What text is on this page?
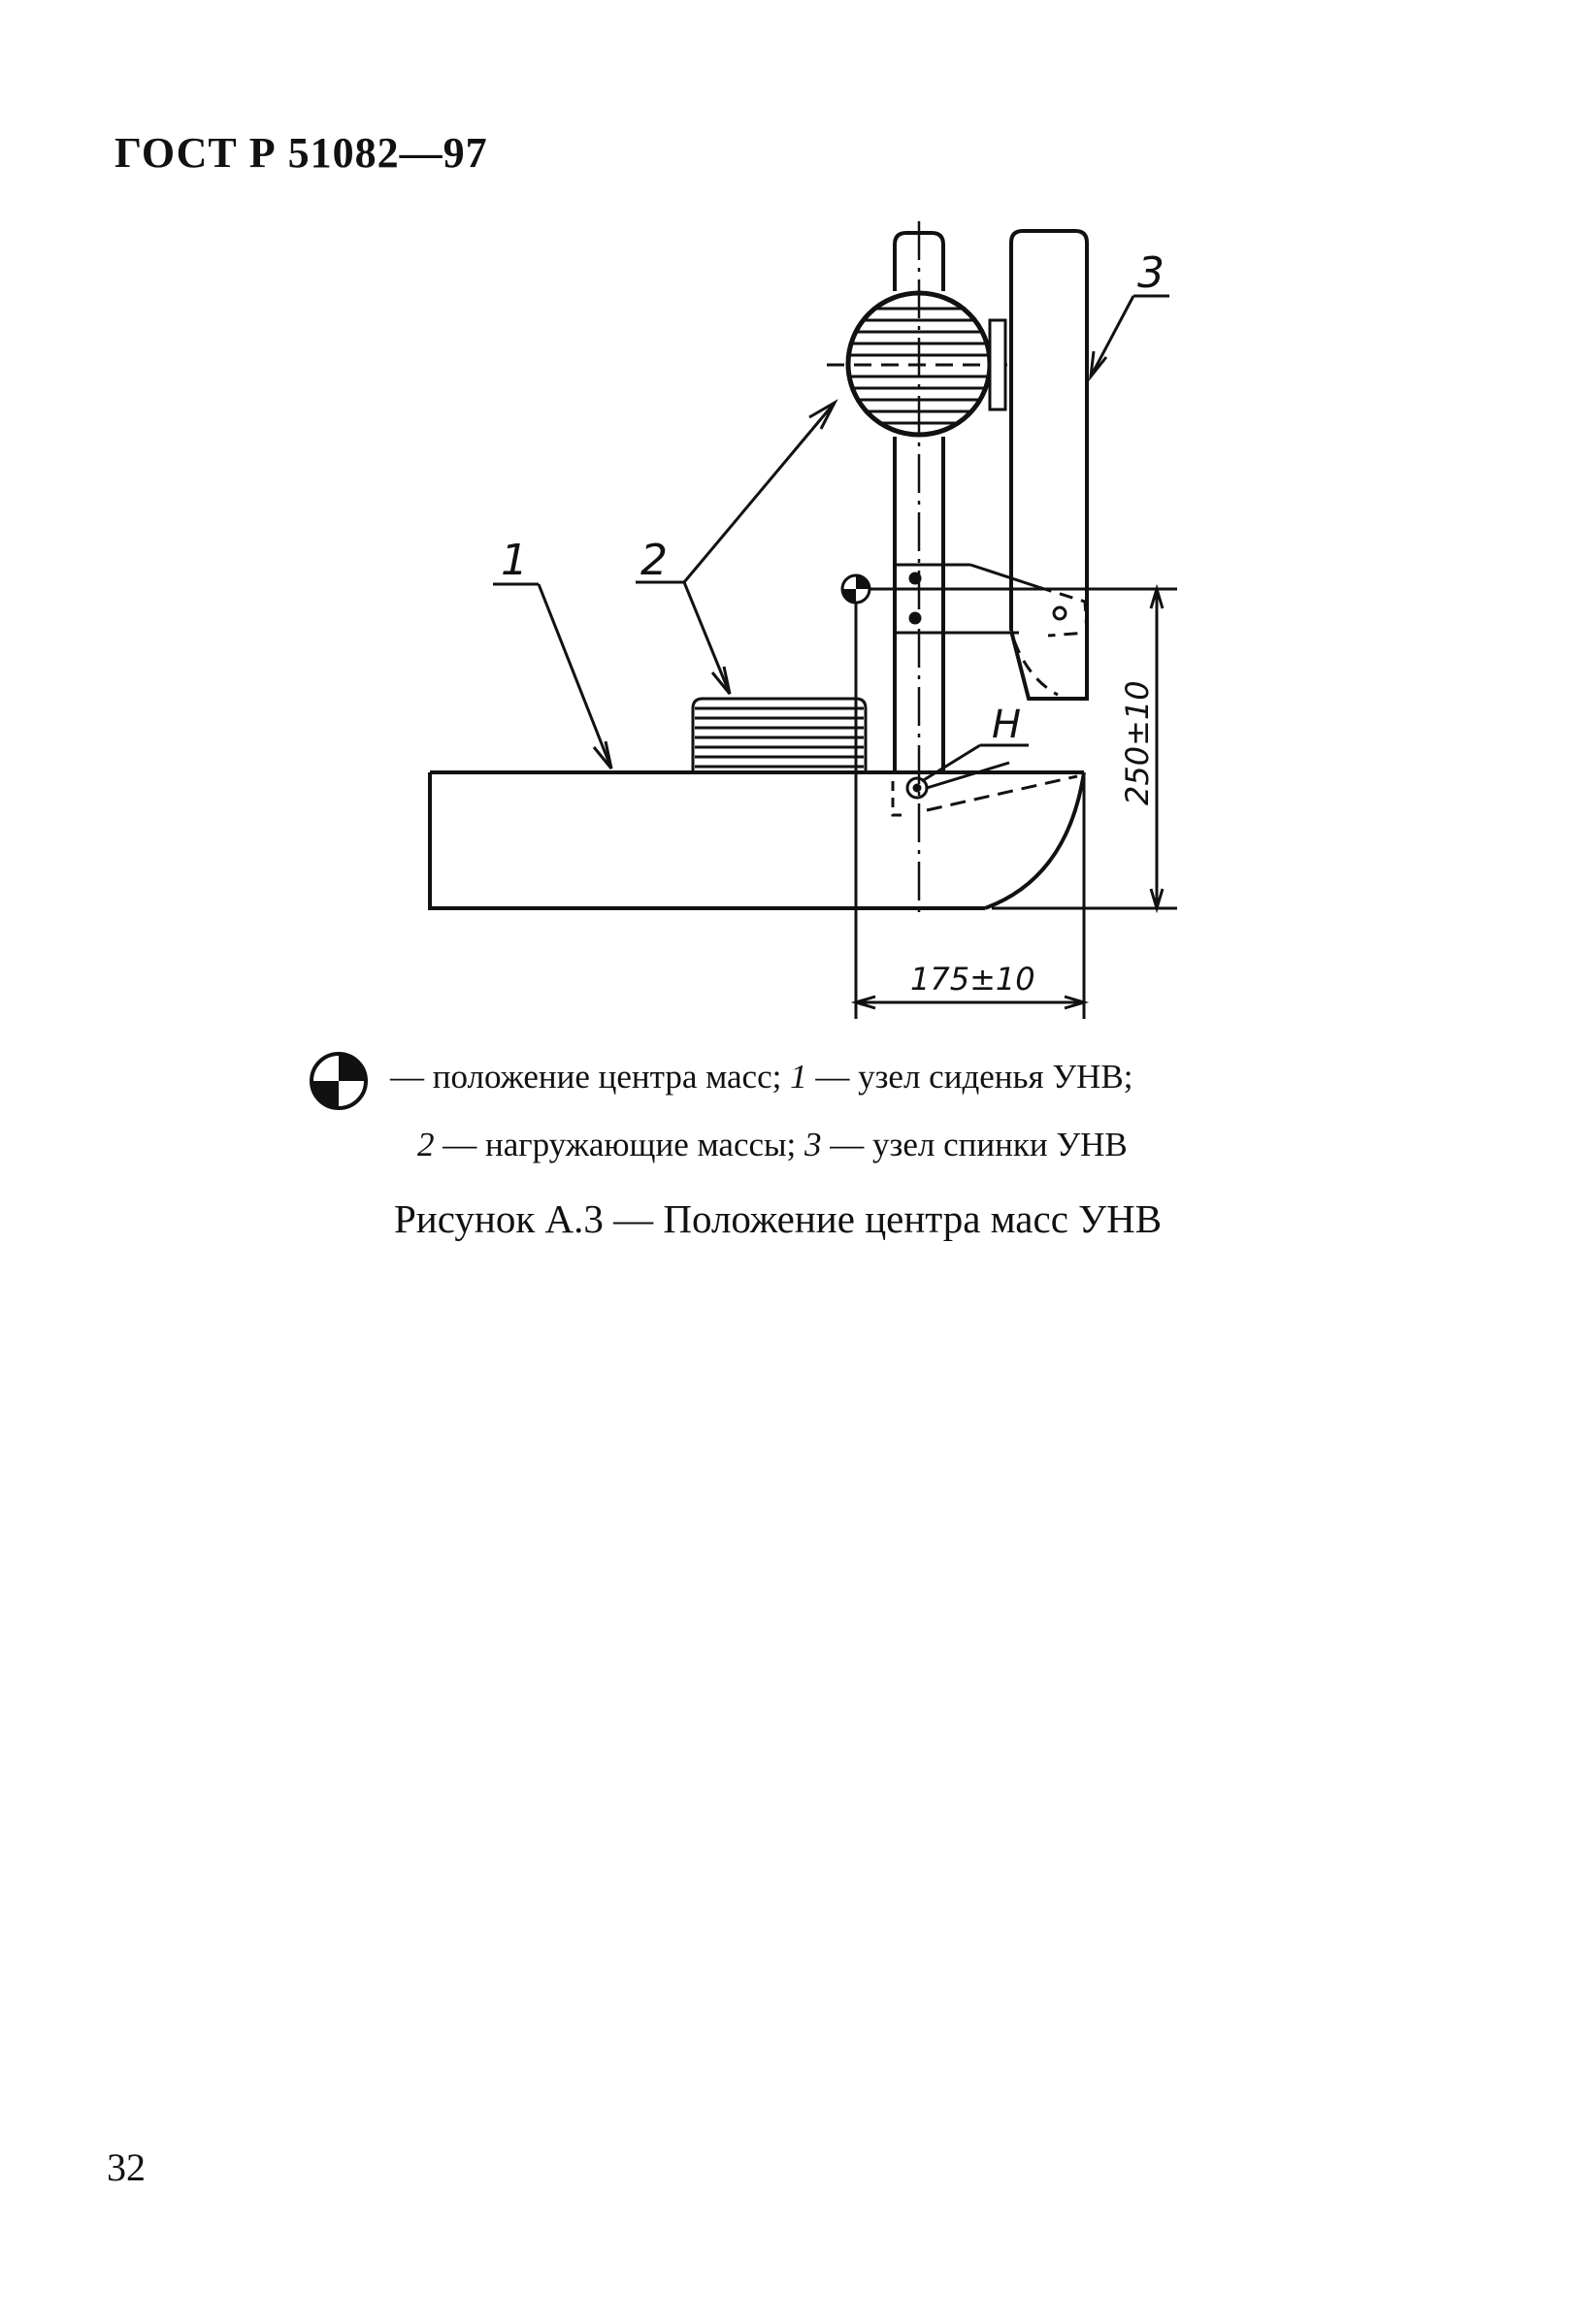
ГОСТ Р 51082—97
1	2
3
H	250±10
175±10
— положение центра масс; 1 — узел сиденья УНВ;
2 — нагружающие массы; 3 — узел спинки УНВ
Рисунок А.3 — Положение центра масс УНВ
32
